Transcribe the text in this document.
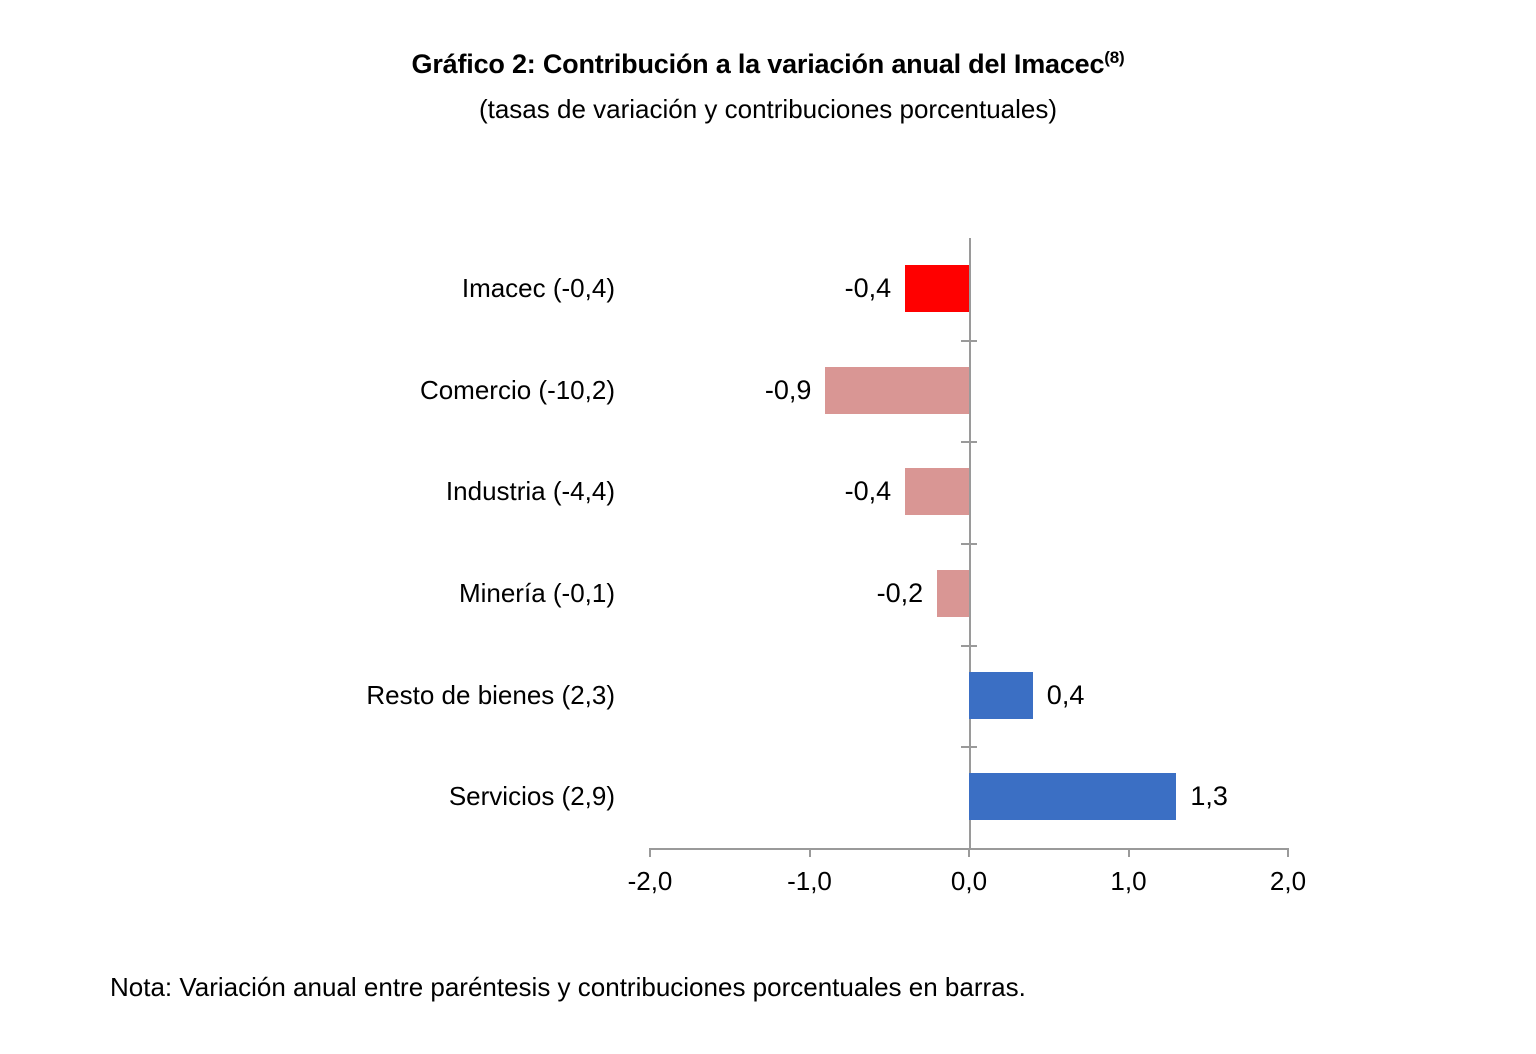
Gráfico 2: Contribución a la variación anual del Imacec$^{(8)}$
(tasas de variación y contribuciones porcentuales)
-2,0	-1,0	0,0	1,0	2,0
-0,4
Imacec (-0,4)
-0,9
Comercio (-10,2)
-0,4
Industria (-4,4)
-0,2
Minería (-0,1)
0,4
Resto de bienes (2,3)
1,3
Servicios (2,9)
Nota: Variación anual entre paréntesis y contribuciones porcentuales en barras.
